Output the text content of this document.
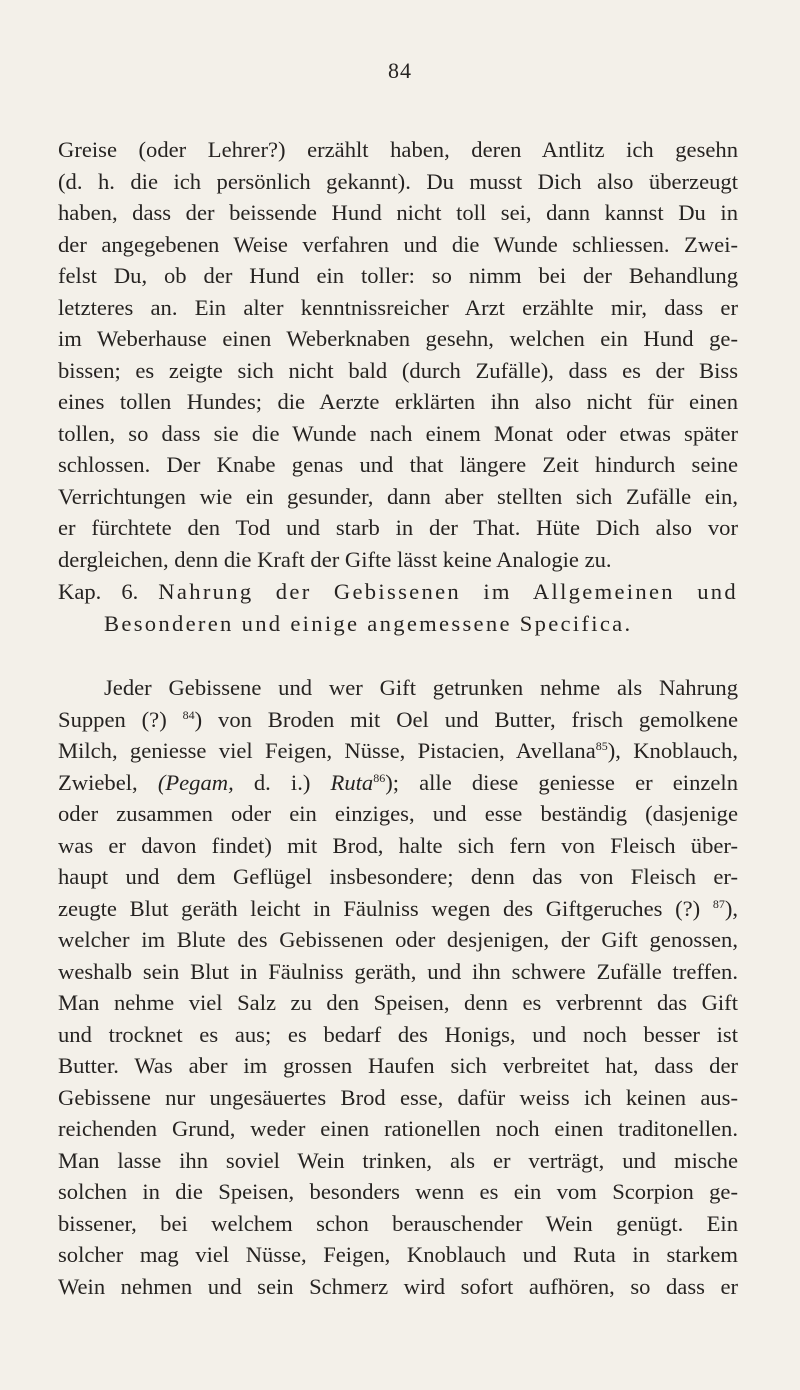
84
Greise (oder Lehrer?) erzählt haben, deren Antlitz ich gesehn
(d. h. die ich persönlich gekannt). Du musst Dich also überzeugt
haben, dass der beissende Hund nicht toll sei, dann kannst Du in
der angegebenen Weise verfahren und die Wunde schliessen. Zwei-
felst Du, ob der Hund ein toller: so nimm bei der Behandlung
letzteres an. Ein alter kenntnissreicher Arzt erzählte mir, dass er
im Weberhause einen Weberknaben gesehn, welchen ein Hund ge-
bissen; es zeigte sich nicht bald (durch Zufälle), dass es der Biss
eines tollen Hundes; die Aerzte erklärten ihn also nicht für einen
tollen, so dass sie die Wunde nach einem Monat oder etwas später
schlossen. Der Knabe genas und that längere Zeit hindurch seine
Verrichtungen wie ein gesunder, dann aber stellten sich Zufälle ein,
er fürchtete den Tod und starb in der That. Hüte Dich also vor
dergleichen, denn die Kraft der Gifte lässt keine Analogie zu.
Kap. 6. Nahrung der Gebissenen im Allgemeinen und
Besonderen und einige angemessene Specifica.
Jeder Gebissene und wer Gift getrunken nehme als Nahrung
Suppen (?) $^{84}$) von Broden mit Oel und Butter, frisch gemolkene
Milch, geniesse viel Feigen, Nüsse, Pistacien, Avellana$^{85}$), Knoblauch,
Zwiebel, (Pegam, d. i.) Ruta$^{86}$); alle diese geniesse er einzeln
oder zusammen oder ein einziges, und esse beständig (dasjenige
was er davon findet) mit Brod, halte sich fern von Fleisch über-
haupt und dem Geflügel insbesondere; denn das von Fleisch er-
zeugte Blut geräth leicht in Fäulniss wegen des Giftgeruches (?) $^{87}$),
welcher im Blute des Gebissenen oder desjenigen, der Gift genossen,
weshalb sein Blut in Fäulniss geräth, und ihn schwere Zufälle treffen.
Man nehme viel Salz zu den Speisen, denn es verbrennt das Gift
und trocknet es aus; es bedarf des Honigs, und noch besser ist
Butter. Was aber im grossen Haufen sich verbreitet hat, dass der
Gebissene nur ungesäuertes Brod esse, dafür weiss ich keinen aus-
reichenden Grund, weder einen rationellen noch einen traditonellen.
Man lasse ihn soviel Wein trinken, als er verträgt, und mische
solchen in die Speisen, besonders wenn es ein vom Scorpion ge-
bissener, bei welchem schon berauschender Wein genügt. Ein
solcher mag viel Nüsse, Feigen, Knoblauch und Ruta in starkem
Wein nehmen und sein Schmerz wird sofort aufhören, so dass er
